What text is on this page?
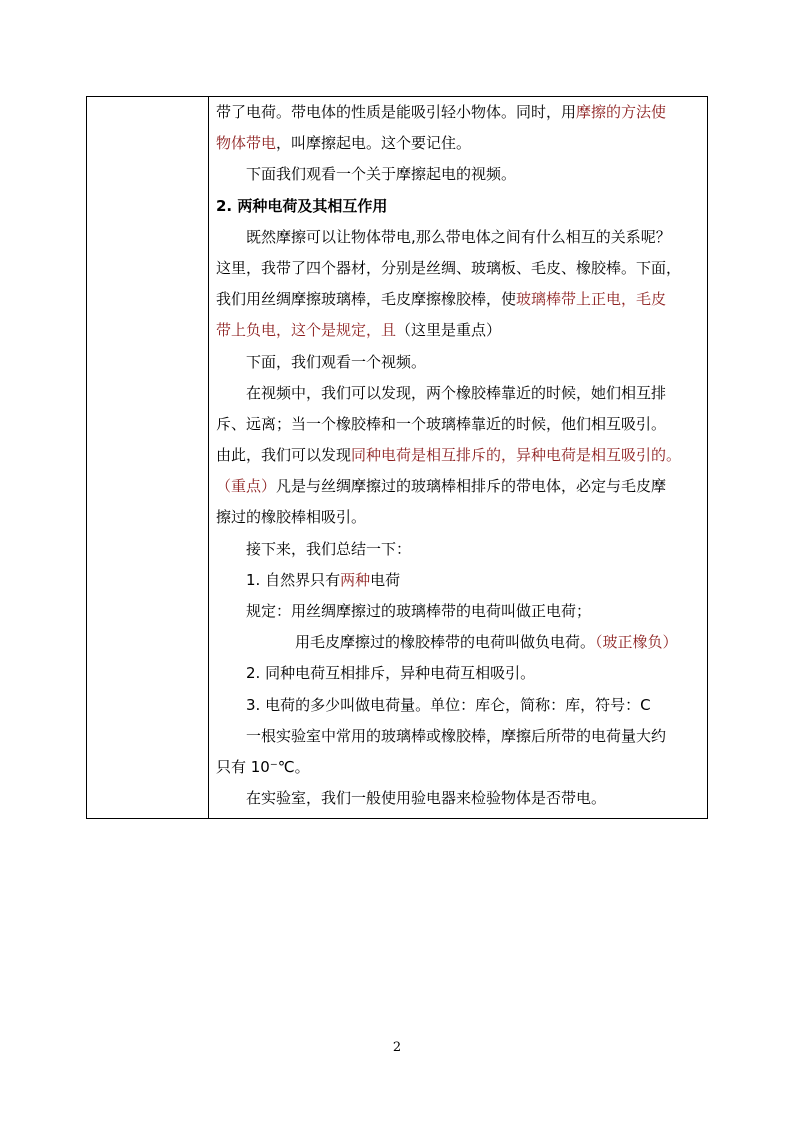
带了电荷。带电体的性质是能吸引轻小物体。同时，用摩擦的方法使
物体带电，叫摩擦起电。这个要记住。
下面我们观看一个关于摩擦起电的视频。
2. 两种电荷及其相互作用
既然摩擦可以让物体带电,那么带电体之间有什么相互的关系呢？
这里，我带了四个器材，分别是丝绸、玻璃板、毛皮、橡胶棒。下面，
我们用丝绸摩擦玻璃棒，毛皮摩擦橡胶棒，使玻璃棒带上正电，毛皮
带上负电，这个是规定，且（这里是重点）
下面，我们观看一个视频。
在视频中，我们可以发现，两个橡胶棒靠近的时候，她们相互排
斥、远离；当一个橡胶棒和一个玻璃棒靠近的时候，他们相互吸引。
由此，我们可以发现同种电荷是相互排斥的，异种电荷是相互吸引的。
（重点）凡是与丝绸摩擦过的玻璃棒相排斥的带电体，必定与毛皮摩
擦过的橡胶棒相吸引。
接下来，我们总结一下：
1. 自然界只有两种电荷
规定：用丝绸摩擦过的玻璃棒带的电荷叫做正电荷；
用毛皮摩擦过的橡胶棒带的电荷叫做负电荷。（玻正橡负）
2. 同种电荷互相排斥，异种电荷互相吸引。
3. 电荷的多少叫做电荷量。单位：库仑，简称：库，符号：C
一根实验室中常用的玻璃棒或橡胶棒，摩擦后所带的电荷量大约
只有 10⁻℃。
在实验室，我们一般使用验电器来检验物体是否带电。
2
